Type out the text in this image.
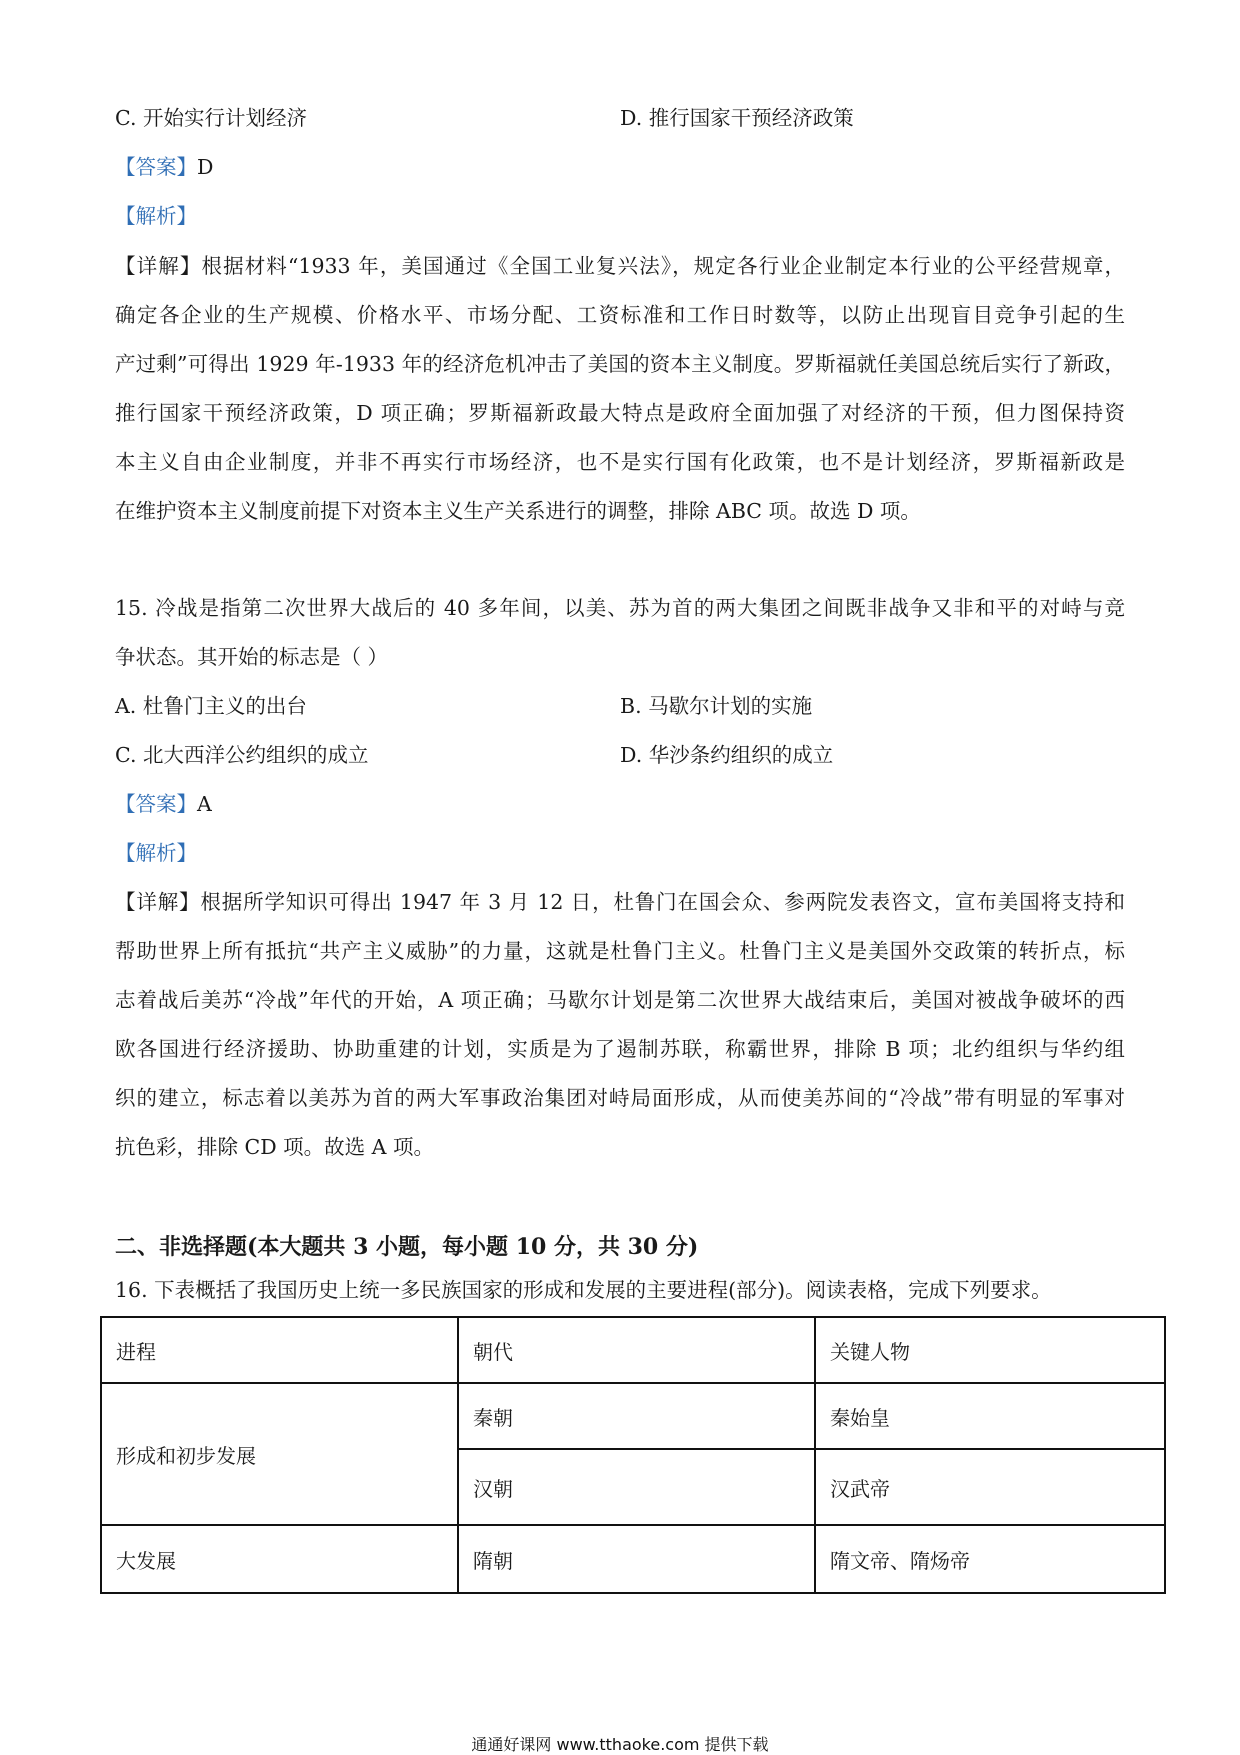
C. 开始实行计划经济	D. 推行国家干预经济政策
【答案】D
【解析】
【详解】根据材料“1933 年，美国通过《全国工业复兴法》，规定各行业企业制定本行业的公平经营规章，
确定各企业的生产规模、价格水平、市场分配、工资标准和工作日时数等，以防止出现盲目竞争引起的生
产过剩”可得出 1929 年-1933 年的经济危机冲击了美国的资本主义制度。罗斯福就任美国总统后实行了新政，
推行国家干预经济政策，D 项正确；罗斯福新政最大特点是政府全面加强了对经济的干预，但力图保持资
本主义自由企业制度，并非不再实行市场经济，也不是实行国有化政策，也不是计划经济，罗斯福新政是
在维护资本主义制度前提下对资本主义生产关系进行的调整，排除 ABC 项。故选 D 项。
15. 冷战是指第二次世界大战后的 40 多年间，以美、苏为首的两大集团之间既非战争又非和平的对峙与竞
争状态。其开始的标志是（ ）
A. 杜鲁门主义的出台	B. 马歇尔计划的实施
C. 北大西洋公约组织的成立	D. 华沙条约组织的成立
【答案】A
【解析】
【详解】根据所学知识可得出 1947 年 3 月 12 日，杜鲁门在国会众、参两院发表咨文，宣布美国将支持和
帮助世界上所有抵抗“共产主义威胁”的力量，这就是杜鲁门主义。杜鲁门主义是美国外交政策的转折点，标
志着战后美苏“冷战”年代的开始，A 项正确；马歇尔计划是第二次世界大战结束后，美国对被战争破坏的西
欧各国进行经济援助、协助重建的计划，实质是为了遏制苏联，称霸世界，排除 B 项；北约组织与华约组
织的建立，标志着以美苏为首的两大军事政治集团对峙局面形成，从而使美苏间的“冷战”带有明显的军事对
抗色彩，排除 CD 项。故选 A 项。
二、非选择题(本大题共 3 小题，每小题 10 分，共 30 分)
16. 下表概括了我国历史上统一多民族国家的形成和发展的主要进程(部分)。阅读表格，完成下列要求。
进程	朝代	关键人物
形成和初步发展	秦朝	秦始皇
	汉朝	汉武帝
大发展	隋朝	隋文帝、隋炀帝
通通好课网 www.tthaoke.com 提供下载
